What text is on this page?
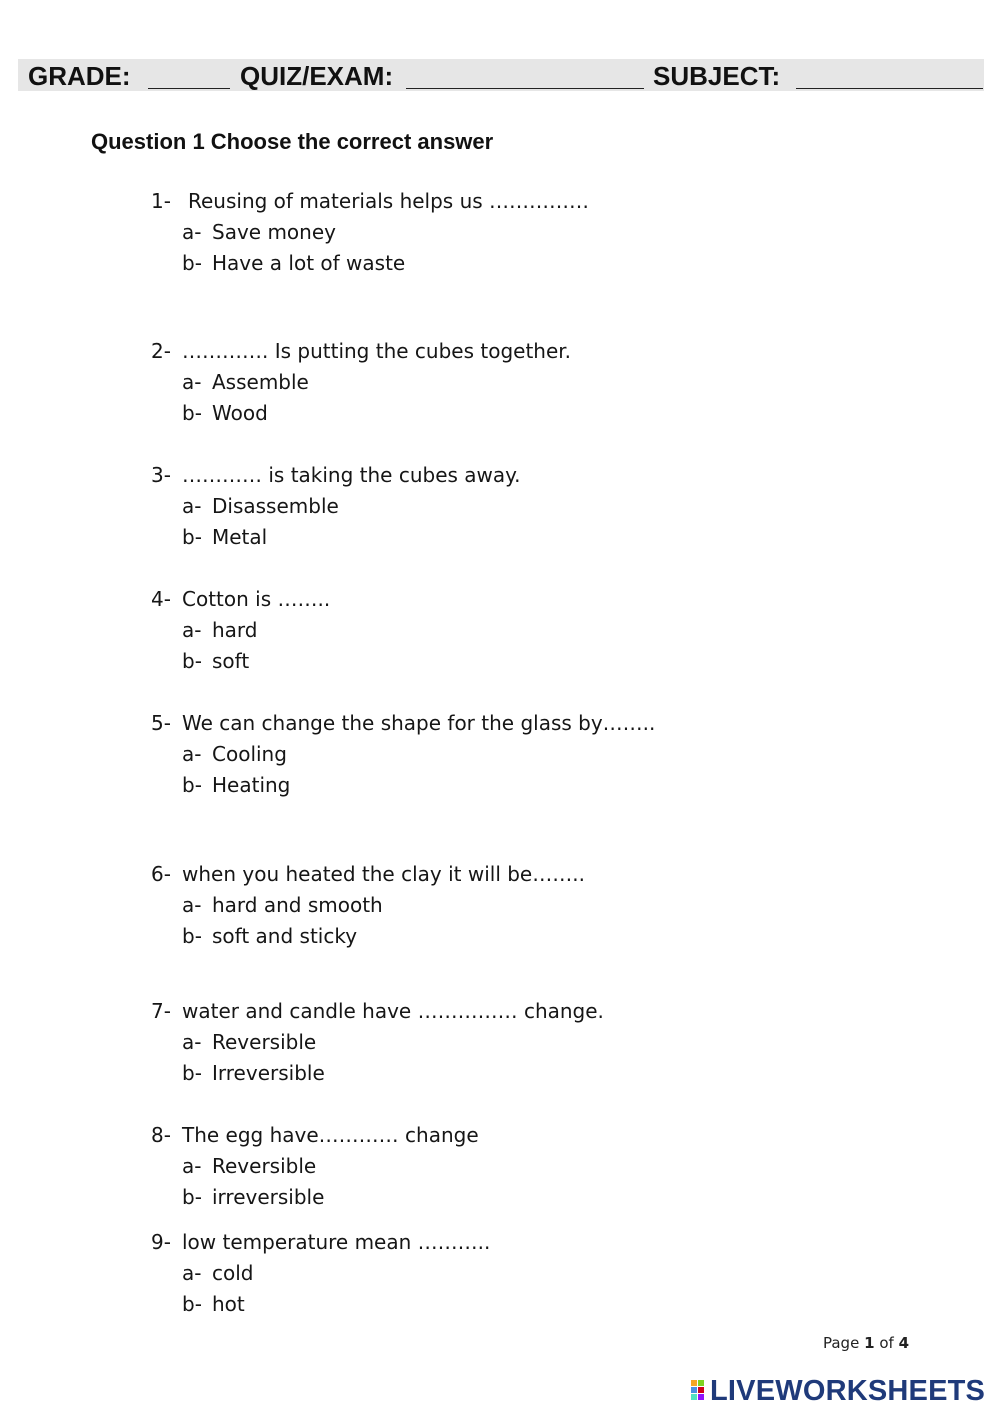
GRADE:	QUIZ/EXAM:	SUBJECT:
Question 1 Choose the correct answer
1- Reusing of materials helps us ……………
a- Save money
b- Have a lot of waste
2- …………. Is putting the cubes together.
a- Assemble
b- Wood
3- ………… is taking the cubes away.
a- Disassemble
b- Metal
4- Cotton is ……..
a- hard
b- soft
5- We can change the shape for the glass by……..
a- Cooling
b- Heating
6- when you heated the clay it will be……..
a- hard and smooth
b- soft and sticky
7- water and candle have …………… change.
a- Reversible
b- Irreversible
8- The egg have………… change
a- Reversible
b- irreversible
9- low temperature mean ………..
a- cold
b- hot
Page 1 of 4
LIVEWORKSHEETS
